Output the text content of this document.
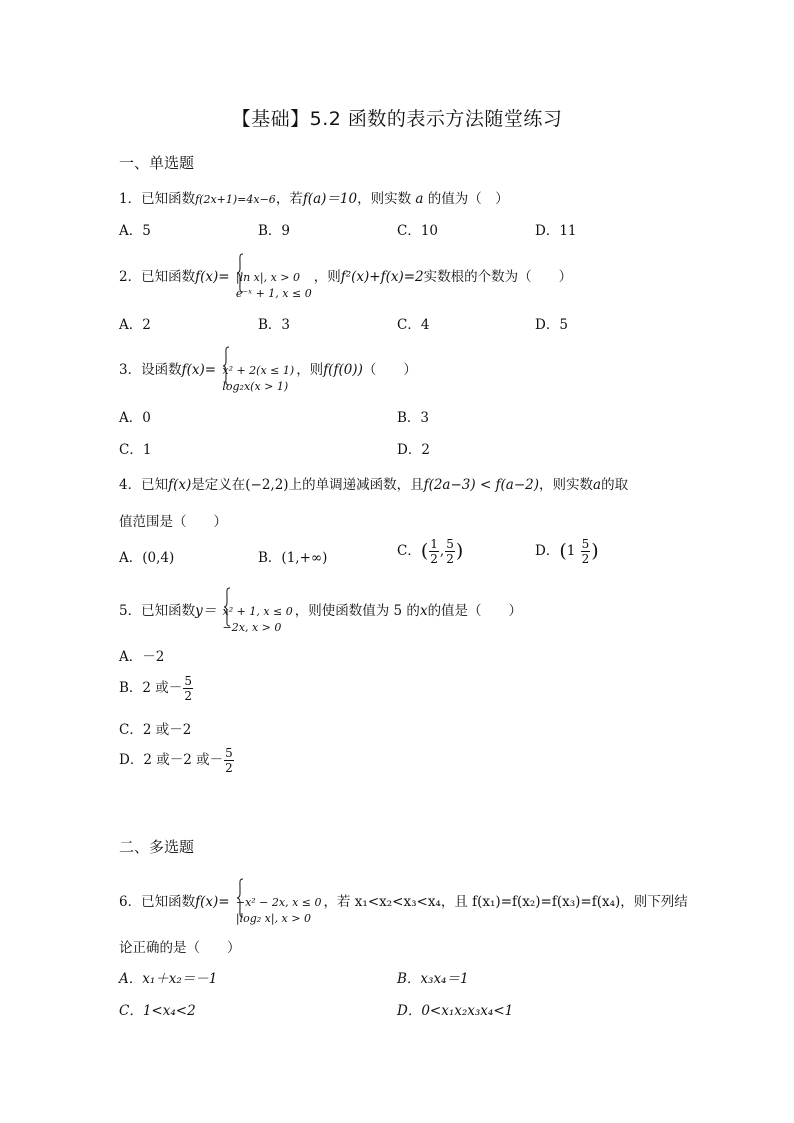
【基础】5.2 函数的表示方法随堂练习
一、单选题
1．已知函数f(2x+1)=4x−6，若f(a)＝10，则实数 a 的值为（　）
A．5	B．9	C．10	D．11
2．已知函数f(x)= |ln x|, x > 0
e⁻ˣ + 1, x ≤ 0
，则f²(x)+f(x)=2实数根的个数为（　　）
A．2	B．3	C．4	D．5
3．设函数f(x)= x² + 2(x ≤ 1)
log₂x(x > 1)
，则f(f(0))（　　）
A．0	B．3
C．1	D．2
4．已知f(x)是定义在(−2,2)上的单调递减函数，且f(2a−3) < f(a−2)，则实数a的取
值范围是（　　）
A．(0,4)	B．(1,+∞)	C．( $\frac{1}{2}$ , $\frac{5}{2}$ )	D．($1 \frac{5}{2}$ )
5．已知函数y＝ x² + 1, x ≤ 0
−2x, x > 0
，则使函数值为 5 的x的值是（　　）
A．－2
B．2 或－ $\frac{5}{2}$
C．2 或－2
D．2 或－2 或－ $\frac{5}{2}$
二、多选题
6．已知函数f(x)= −x² − 2x, x ≤ 0
|log₂ x|, x > 0
，若 x₁<x₂<x₃<x₄，且 f(x₁)=f(x₂)=f(x₃)=f(x₄)，则下列结
论正确的是（　　）
A．x₁＋x₂＝－1	B．x₃x₄＝1
C．1<x₄<2	D．0<x₁x₂x₃x₄<1
